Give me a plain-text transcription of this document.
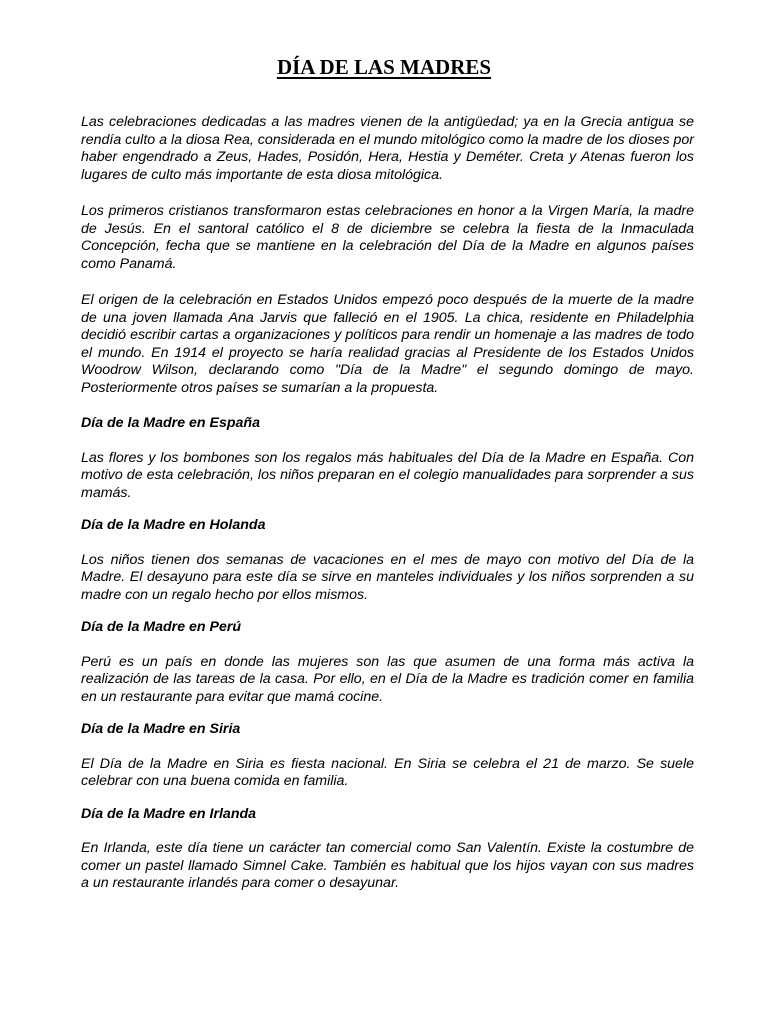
DÍA DE LAS MADRES

Las celebraciones dedicadas a las madres vienen de la antigüedad; ya en la Grecia antigua se rendía culto a la diosa Rea, considerada en el mundo mitológico como la madre de los dioses por haber engendrado a Zeus, Hades, Posidón, Hera, Hestia y Deméter. Creta y Atenas fueron los lugares de culto más importante de esta diosa mitológica.

Los primeros cristianos transformaron estas celebraciones en honor a la Virgen María, la madre de Jesús. En el santoral católico el 8 de diciembre se celebra la fiesta de la Inmaculada Concepción, fecha que se mantiene en la celebración del Día de la Madre en algunos países como Panamá.

El origen de la celebración en Estados Unidos empezó poco después de la muerte de la madre de una joven llamada Ana Jarvis que falleció en el 1905. La chica, residente en Philadelphia decidió escribir cartas a organizaciones y políticos para rendir un homenaje a las madres de todo el mundo. En 1914 el proyecto se haría realidad gracias al Presidente de los Estados Unidos Woodrow Wilson, declarando como "Día de la Madre" el segundo domingo de mayo. Posteriormente otros países se sumarían a la propuesta.

Día de la Madre en España

Las flores y los bombones son los regalos más habituales del Día de la Madre en España. Con motivo de esta celebración, los niños preparan en el colegio manualidades para sorprender a sus mamás.

Día de la Madre en Holanda

Los niños tienen dos semanas de vacaciones en el mes de mayo con motivo del Día de la Madre. El desayuno para este día se sirve en manteles individuales y los niños sorprenden a su madre con un regalo hecho por ellos mismos.

Día de la Madre en Perú

Perú es un país en donde las mujeres son las que asumen de una forma más activa la realización de las tareas de la casa. Por ello, en el Día de la Madre es tradición comer en familia en un restaurante para evitar que mamá cocine.

Día de la Madre en Siria

El Día de la Madre en Siria es fiesta nacional. En Siria se celebra el 21 de marzo. Se suele celebrar con una buena comida en familia.

Día de la Madre en Irlanda

En Irlanda, este día tiene un carácter tan comercial como San Valentín. Existe la costumbre de comer un pastel llamado Simnel Cake. También es habitual que los hijos vayan con sus madres a un restaurante irlandés para comer o desayunar.
